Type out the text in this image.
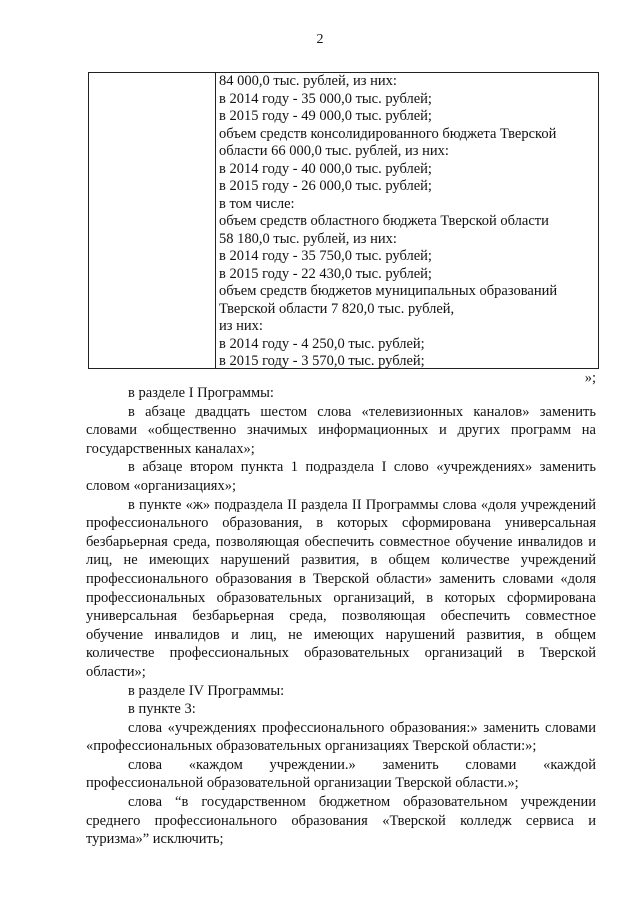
2
84 000,0 тыс. рублей, из них:
в 2014 году - 35 000,0 тыс. рублей;
в 2015 году - 49 000,0 тыс. рублей;
объем средств консолидированного бюджета Тверской
области 66 000,0 тыс. рублей, из них:
в 2014 году - 40 000,0 тыс. рублей;
в 2015 году - 26 000,0 тыс. рублей;
в том числе:
объем средств областного бюджета Тверской области
58 180,0 тыс. рублей, из них:
в 2014 году - 35 750,0 тыс. рублей;
в 2015 году - 22 430,0 тыс. рублей;
объем средств бюджетов муниципальных образований
Тверской области 7 820,0 тыс. рублей,
из них:
в 2014 году - 4 250,0 тыс. рублей;
в 2015 году - 3 570,0 тыс. рублей;
»;

в разделе I Программы:

в абзаце двадцать шестом слова «телевизионных каналов» заменить словами «общественно значимых информационных и других программ на государственных каналах»;

в абзаце втором пункта 1 подраздела I слово «учреждениях» заменить словом «организациях»;

в пункте «ж» подраздела II раздела II Программы слова «доля учреждений профессионального образования, в которых сформирована универсальная безбарьерная среда, позволяющая обеспечить совместное обучение инвалидов и лиц, не имеющих нарушений развития, в общем количестве учреждений профессионального образования в Тверской области» заменить словами «доля профессиональных образовательных организаций, в которых сформирована универсальная безбарьерная среда, позволяющая обеспечить совместное обучение инвалидов и лиц, не имеющих нарушений развития, в общем количестве профессиональных образовательных организаций в Тверской области»;

в разделе IV Программы:

в пункте 3:

слова «учреждениях профессионального образования:» заменить словами «профессиональных образовательных организациях Тверской области:»;

слова «каждом учреждении.» заменить словами «каждой профессиональной образовательной организации Тверской области.»;

слова “в государственном бюджетном образовательном учреждении среднего профессионального образования «Тверской колледж сервиса и туризма»” исключить;
